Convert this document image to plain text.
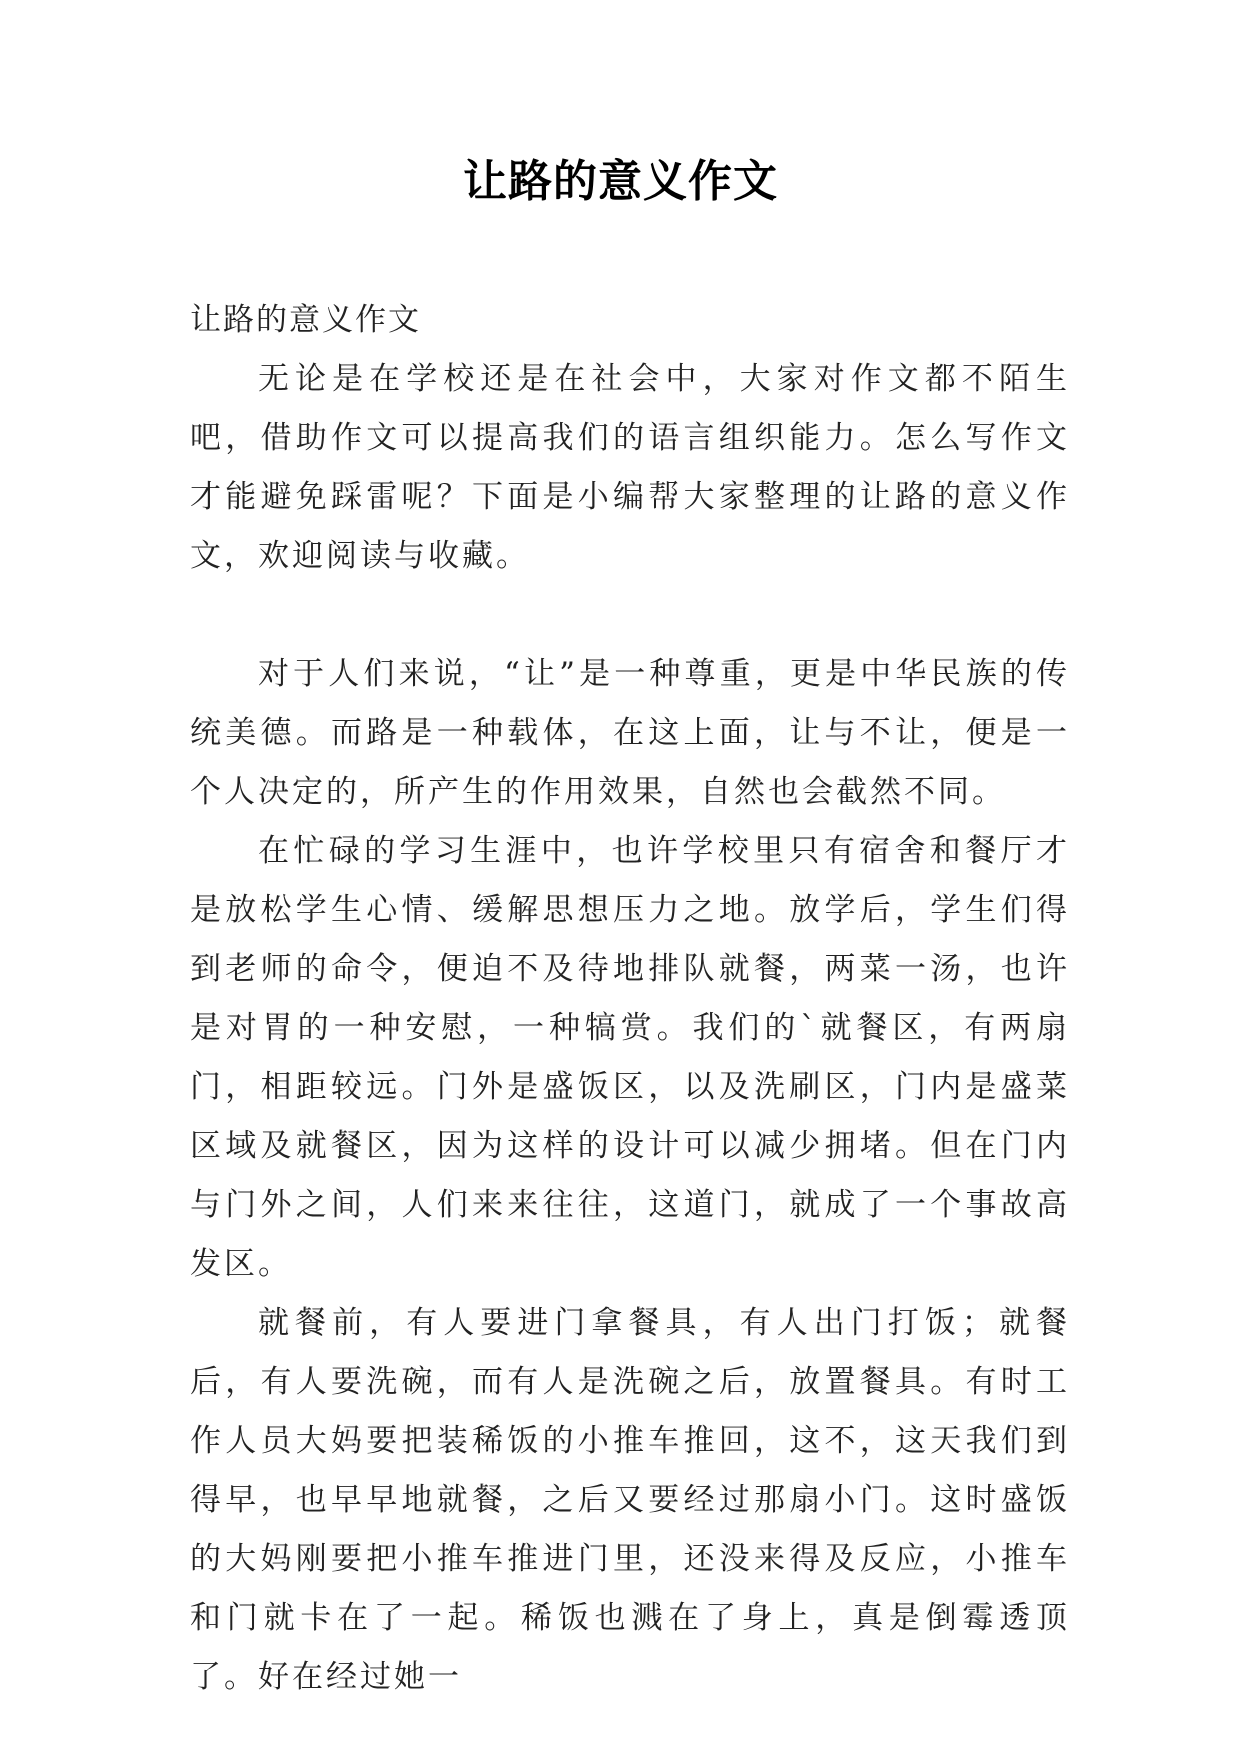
让路的意义作文

让路的意义作文

无论是在学校还是在社会中，大家对作文都不陌生吧，借助作文可以提高我们的语言组织能力。怎么写作文才能避免踩雷呢？下面是小编帮大家整理的让路的意义作文，欢迎阅读与收藏。

对于人们来说，“让”是一种尊重，更是中华民族的传统美德。而路是一种载体，在这上面，让与不让，便是一个人决定的，所产生的作用效果，自然也会截然不同。

在忙碌的学习生涯中，也许学校里只有宿舍和餐厅才是放松学生心情、缓解思想压力之地。放学后，学生们得到老师的命令，便迫不及待地排队就餐，两菜一汤，也许是对胃的一种安慰，一种犒赏。我们的`就餐区，有两扇门，相距较远。门外是盛饭区，以及洗刷区，门内是盛菜区域及就餐区，因为这样的设计可以减少拥堵。但在门内与门外之间，人们来来往往，这道门，就成了一个事故高发区。

就餐前，有人要进门拿餐具，有人出门打饭；就餐后，有人要洗碗，而有人是洗碗之后，放置餐具。有时工作人员大妈要把装稀饭的小推车推回，这不，这天我们到得早，也早早地就餐，之后又要经过那扇小门。这时盛饭的大妈刚要把小推车推进门里，还没来得及反应，小推车和门就卡在了一起。稀饭也溅在了身上，真是倒霉透顶了。好在经过她一
